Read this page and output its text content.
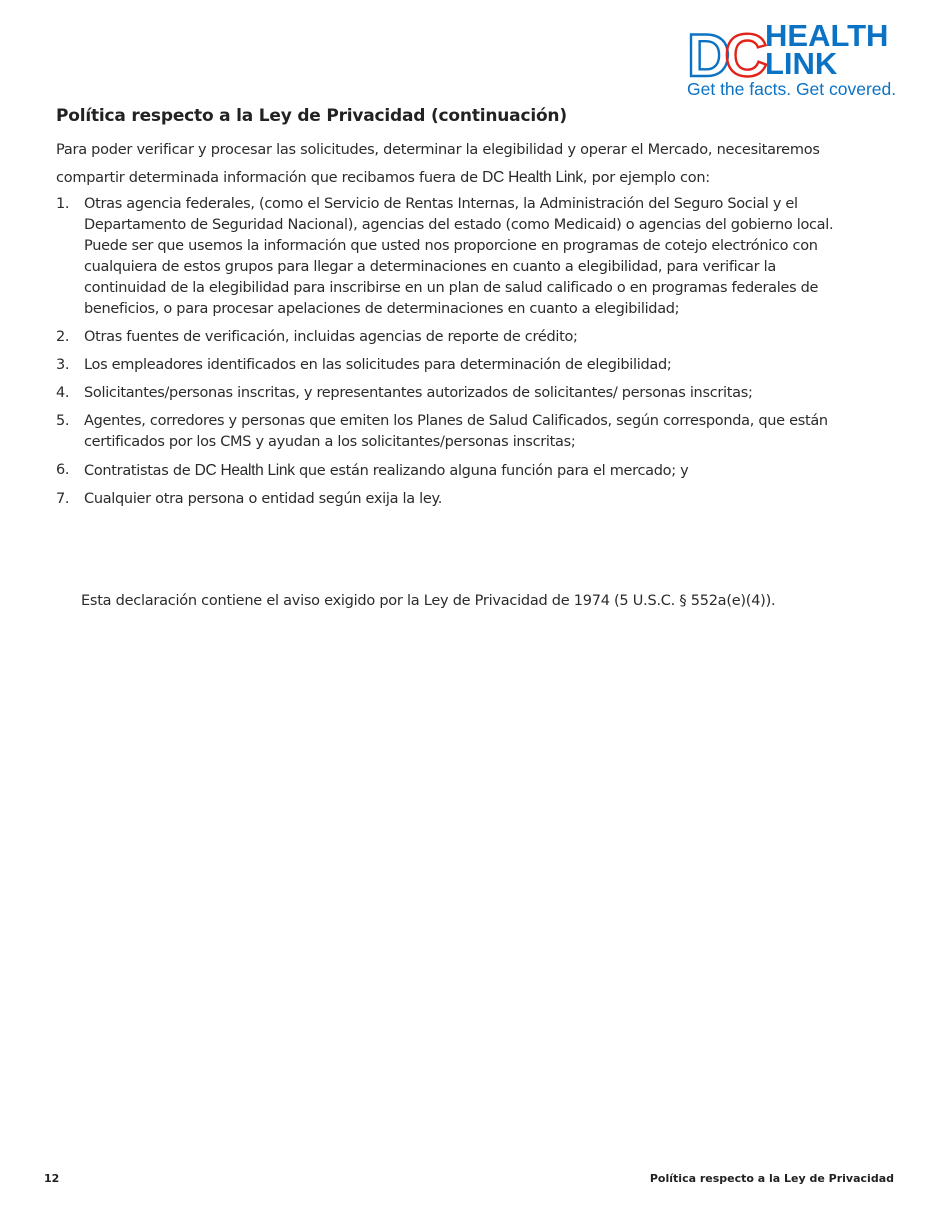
DC HEALTH
LINK
Get the facts. Get covered.
Política respecto a la Ley de Privacidad (continuación)

Para poder verificar y procesar las solicitudes, determinar la elegibilidad y operar el Mercado, necesitaremos compartir determinada información que recibamos fuera de DC Health Link, por ejemplo con:

1. Otras agencia federales, (como el Servicio de Rentas Internas, la Administración del Seguro Social y el Departamento de Seguridad Nacional), agencias del estado (como Medicaid) o agencias del gobierno local. Puede ser que usemos la información que usted nos proporcione en programas de cotejo electrónico con cualquiera de estos grupos para llegar a determinaciones en cuanto a elegibilidad, para verificar la continuidad de la elegibilidad para inscribirse en un plan de salud calificado o en programas federales de beneficios, o para procesar apelaciones de determinaciones en cuanto a elegibilidad;
2. Otras fuentes de verificación, incluidas agencias de reporte de crédito;
3. Los empleadores identificados en las solicitudes para determinación de elegibilidad;
4. Solicitantes/personas inscritas, y representantes autorizados de solicitantes/ personas inscritas;
5. Agentes, corredores y personas que emiten los Planes de Salud Calificados, según corresponda, que están certificados por los CMS y ayudan a los solicitantes/personas inscritas;
6. Contratistas de DC Health Link que están realizando alguna función para el mercado; y
7. Cualquier otra persona o entidad según exija la ley.

Esta declaración contiene el aviso exigido por la Ley de Privacidad de 1974 (5 U.S.C. § 552a(e)(4)).

12	Política respecto a la Ley de Privacidad
